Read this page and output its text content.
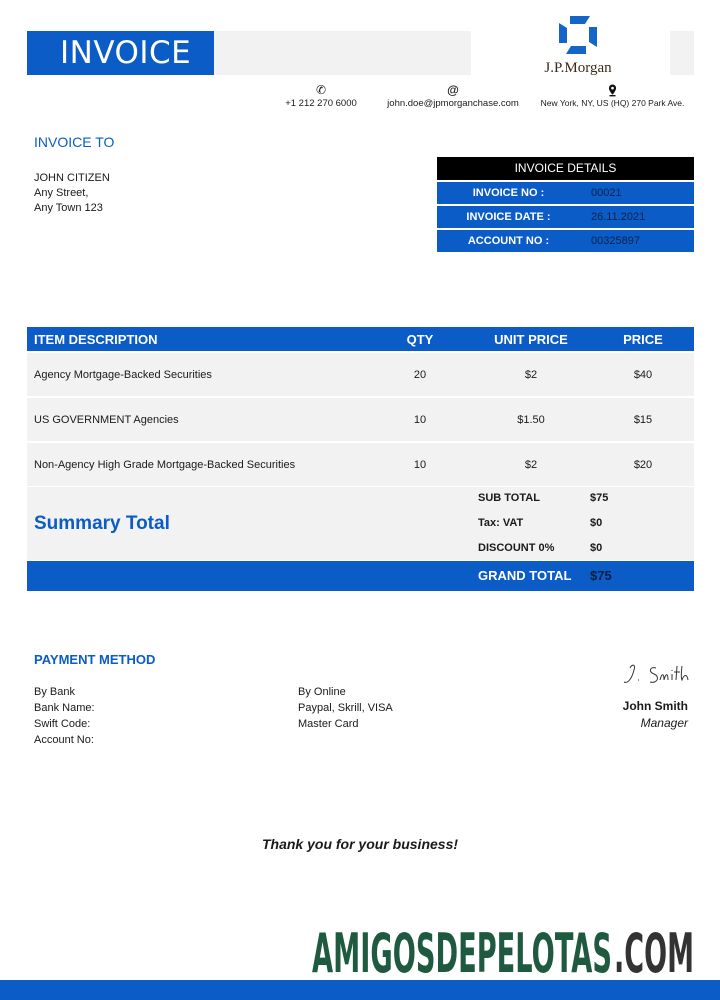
INVOICE	J.P.Morgan
✆
+1 212 270 6000
@
john.doe@jpmorganchase.com	New York, NY, US (HQ) 270 Park Ave.
INVOICE TO
JOHN CITIZEN
Any Street,
Any Town 123
INVOICE DETAILS
INVOICE NO :	00021
INVOICE DATE :	26.11.2021
ACCOUNT NO :	00325897
ITEM DESCRIPTION	QTY	UNIT PRICE	PRICE
Agency Mortgage-Backed Securities	20	$2	$40
US GOVERNMENT Agencies	10	$1.50	$15
Non-Agency High Grade Mortgage-Backed Securities	10	$2	$20
Summary Total
SUB TOTAL	$75
Tax: VAT	$0
DISCOUNT 0%	$0
GRAND TOTAL $75
PAYMENT METHOD
By Bank
Bank Name:
Swift Code:
Account No:
By Online
Paypal, Skrill, VISA
Master Card
John Smith
Manager
Thank you for your business!
AMIGOSDEPELOTAS .COM
